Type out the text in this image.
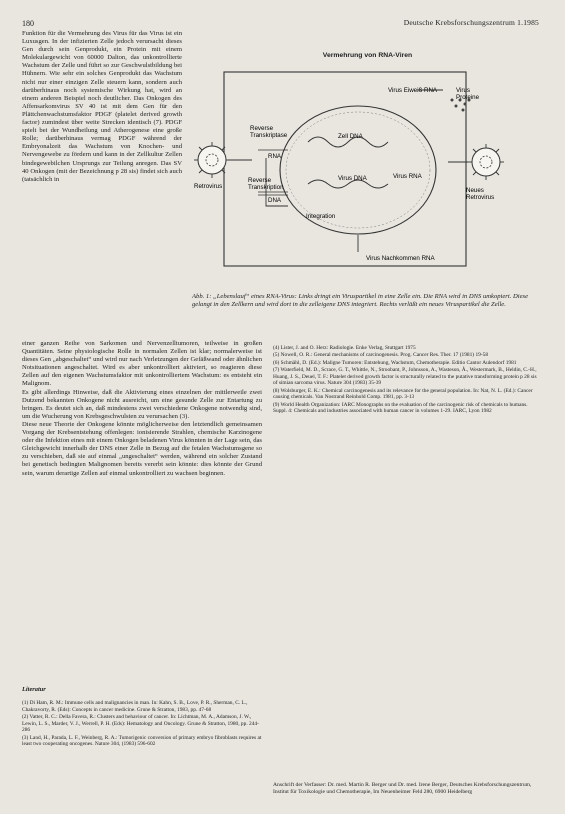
180	Deutsche Krebsforschungszentrum 1.1985

Funktion für die Vermehrung des Virus für das Virus ist ein Luxusgen. In der infizierten Zelle jedoch verursacht dieses Gen durch sein Genprodukt, ein Protein mit einem Molekulargewicht von 60000 Dalton, das unkontrollierte Wachstum der Zelle und führt so zur Geschwulstbildung bei Hühnern. Wie sehr ein solches Genprodukt das Wachstum nicht nur einer einzigen Zelle steuern kann, sondern auch darüberhinaus noch systemische Wirkung hat, wird an einem anderen Beispiel noch deutlicher. Das Onkogen des Affensarkomvirus SV 40 ist mit dem Gen für den Plättchenwachstumsfaktor PDGF (platelet derived growth factor) zumindest über weite Strecken identisch (7). PDGF spielt bei der Wundheilung und Atherogenese eine große Rolle; darüberhinaus vermag PDGF während der Embryonalzeit das Wachstum von Knochen- und Nervengewebe zu fördern und kann in der Zellkultur Zellen bindegewebilchen Ursprungs zur Teilung anregen. Das SV 40 Onkogen (mit der Bezeichnung p 28 sis) findet sich auch (tatsächlich in

Vermehrung von RNA-Viren
Virus Eiweiß RNA	Virus Proteine
Reverse Transkriptase
RNA
Zell DNA
Virus DNA	Virus RNA
Reverse Transkription
DNA
Integration
Retrovirus
Neues Retrovirus
Virus Nachkommen RNA
Abb. 1: „Lebenslauf“ eines RNA-Virus: Links dringt ein Viruspartikel in eine Zelle ein. Die RNA wird in DNS umkopiert. Diese gelangt in den Zellkern und wird dort in die zelleigene DNS integriert. Rechts verläßt ein neues Viruspartikel die Zelle.

einer ganzen Reihe von Sarkomen und Nervenzelltumoren, teilweise in großen Quantitäten. Seine physiologische Rolle in normalen Zellen ist klar; normalerweise ist dieses Gen „abgeschaltet“ und wird nur nach Verletzungen der Gefäßwand oder ähnlichen Notsituationen angeschaltet. Wird es aber unkontrolliert aktiviert, so reagieren diese Zellen auf den eigenen Wachstumsfaktor mit unkontrolliertem Wachstum: es entsteht ein Malignom.
Es gibt allerdings Hinweise, daß die Aktivierung eines einzelnen der mittlerweile zwei Dutzend bekannten Onkogene nicht ausreicht, um eine gesunde Zelle zur Entartung zu bringen. Es deutet sich an, daß mindestens zwei verschiedene Onkogene notwendig sind, um die Wucherung von Krebsgeschwulsten zu verursachen (3).
Diese neue Theorie der Onkogene könnte möglicherweise den letztendlich gemeinsamen Vorgang der Krebsentstehung offenlegen: ionisierende Strahlen, chemische Karzinogene oder die Infektion eines mit einem Onkogen beladenen Virus könnten in der Lage sein, das Gleichgewicht innerhalb der DNS einer Zelle in Bezug auf die fetalen Wachstumsgene so zu verschieben, daß sie auf einmal „ungeschaltet“ werden, während ein solcher Zustand bei genetisch bedingten Malignomen bereits vererbt sein könnte: dies könnte der Grund sein, warum derartige Zellen auf einmal unkontrolliert zu wachsen beginnen.

(4) Lister, J. and O. Herz: Radiologie. Enke Verlag, Stuttgart 1975

(5) Nowell, O. R.: General mechanisms of carcinogenesis. Prog. Cancer Res. Ther. 17 (1981) 19-58

(6) Schmähl, D. (Ed.): Maligne Tumoren: Entstehung, Wachstum, Chemotherapie. Editio Cantor Aulendorf 1981

(7) Waterfield, M. D., Scrace, G. T., Whittle, N., Stroobant, P., Johnsson, A., Wasteson, Å., Westermark, B., Heldin, C.-H., Huang, J. S., Deuel, T. F.: Platelet derived growth factor is structurally related to the putative transforming protein p 28 sis of simian sarcoma virus. Nature 304 (1983) 35-39

(8) Wolsburger, E. K.: Chemical carcinogenesis and its relevance for the general population. In: Nat, N. L. (Ed.): Cancer causing chemicals. Van Nostrand Reinhold Comp. 1981, pp. 3-13

(9) World Health Organization: IARC Monographs on the evaluation of the carcinogenic risk of chemicals to humans. Suppl. 4: Chemicals and industries associated with human cancer in volumes 1-29. IARC, Lyon 1982

Literatur

(1) Di Ham, R. M.: Immune cells and malignancies in man. In: Kahn, S. B., Love, P. R., Sherman, C. L., Chakravorty, R. (Eds): Concepts in cancer medicine. Grune & Stratton, 1983, pp. 47-68

(2) Vatter, R. C.: Della Favera, R.: Clusters and behaviour of cancer. In: Lichtman, M. A., Adamson, J. W., Lewin, L. S., Marder, V. J., Werrell, P. H. (Eds): Hematology and Oncology. Grune & Stratton, 1980, pp. 244-286

(3) Land, H., Parada, L. F., Weinberg, R. A.: Tumorigenic conversion of primary embryo fibroblasts requires at least two cooperating oncogenes. Nature 304, (1983) 596-602

Anschrift der Verfasser: Dr. med. Martin R. Berger und Dr. med. Irene Berger, Deutsches Krebsforschungszentrum, Institut für Toxikologie und Chemotherapie, Im Neuenheimer Feld 280, 6900 Heidelberg
